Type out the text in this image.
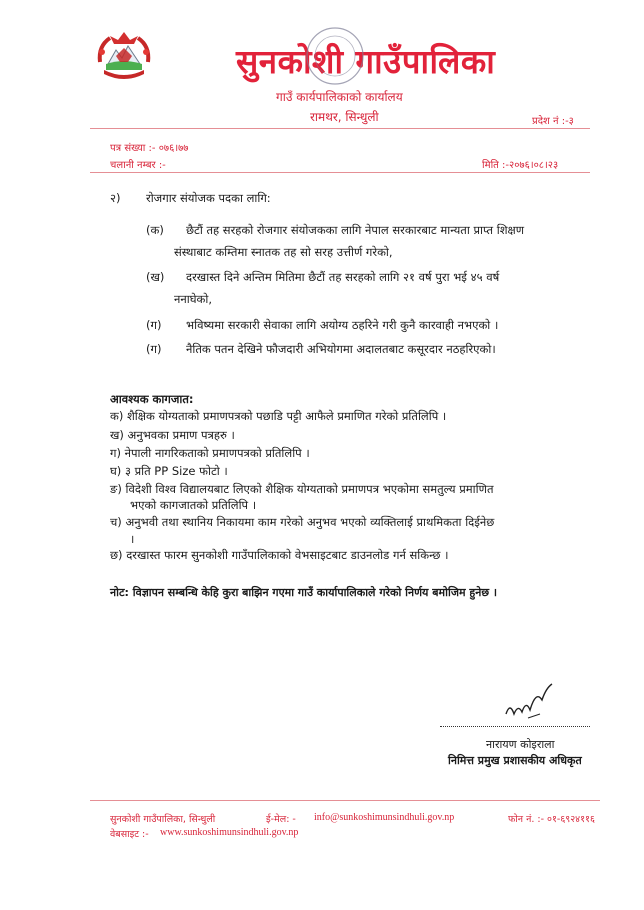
सुनकोशी गाउँपालिका
गाउँ कार्यपालिकाको कार्यालय
रामथर, सिन्धुली	प्रदेश नं :-३
पत्र संख्या :- ०७६।७७
चलानी नम्बर :-	मिति :-२०७६।०८।२३
२) रोजगार संयोजक पदका लागि:
(क) छैटौं तह सरहको रोजगार संयोजकका लागि नेपाल सरकारबाट मान्यता प्राप्त शिक्षण
संस्थाबाट कम्तिमा स्नातक तह सो सरह उत्तीर्ण गरेको,
(ख) दरखास्त दिने अन्तिम मितिमा छैटौं तह सरहको लागि २१ वर्ष पुरा भई ४५ वर्ष
ननाघेको,
(ग) भविष्यमा सरकारी सेवाका लागि अयोग्य ठहरिने गरी कुनै कारवाही नभएको ।
(ग) नैतिक पतन देखिने फौजदारी अभियोगमा अदालतबाट कसूरदार नठहरिएको।
आवश्यक कागजात:
क) शैक्षिक योग्यताको प्रमाणपत्रको पछाडि पट्टी आफैले प्रमाणित गरेको प्रतिलिपि ।
ख) अनुभवका प्रमाण पत्रहरु ।
ग) नेपाली नागरिकताको प्रमाणपत्रको प्रतिलिपि ।
घ) ३ प्रति PP Size फोटो ।
ङ) विदेशी विश्व विद्यालयबाट लिएको शैक्षिक योग्यताको प्रमाणपत्र भएकोमा समतुल्य प्रमाणित
भएको कागजातको प्रतिलिपि ।
च) अनुभवी तथा स्थानिय निकायमा काम गरेको अनुभव भएको व्यक्तिलाई प्राथमिकता दिईनेछ
।
छ) दरखास्त फारम सुनकोशी गाउँपालिकाको वेभसाइटबाट डाउनलोड गर्न सकिन्छ ।
नोट: विज्ञापन सम्बन्धि केहि कुरा बाझिन गएमा गाउँ कार्यापालिकाले गरेको निर्णय बमोजिम हुनेछ ।
नारायण कोइराला
निमित्त प्रमुख प्रशासकीय अधिकृत
सुनकोशी गाउँपालिका, सिन्धुली	ई-मेल: - info@sunkoshimunsindhuli.gov.np	फोन नं. :- ०१-६९२४११६
वेबसाइट :- www.sunkoshimunsindhuli.gov.np
